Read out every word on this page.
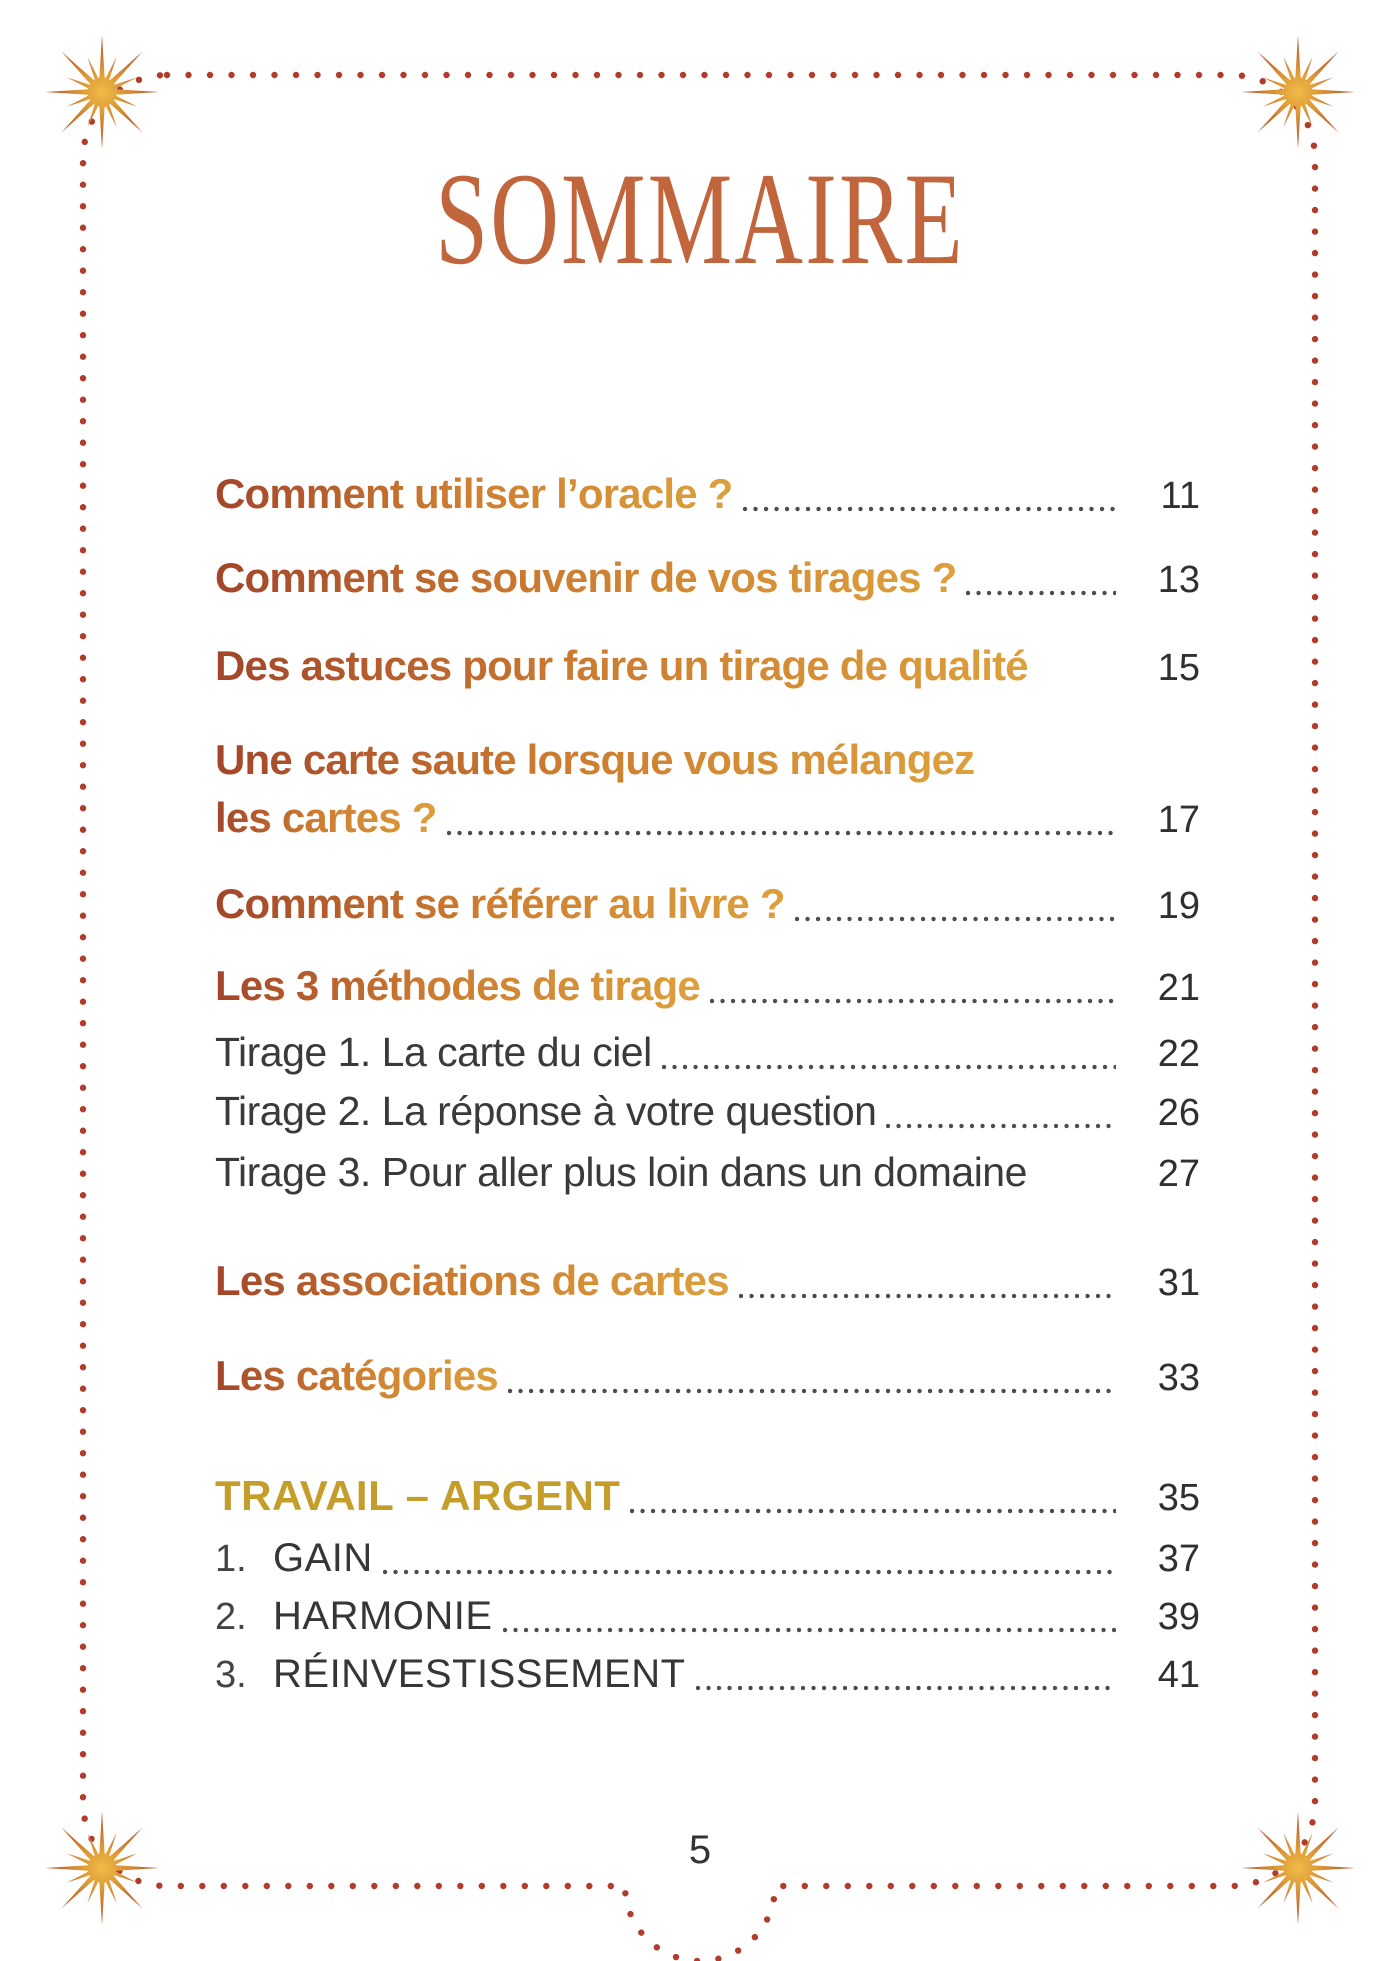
SOMMAIRE
Comment utiliser l’oracle ?	11
Comment se souvenir de vos tirages ?	13
Des astuces pour faire un tirage de qualité	15
Une carte saute lorsque vous mélangez
les cartes ?	17
Comment se référer au livre ?	19
Les 3 méthodes de tirage	21
Tirage 1. La carte du ciel	22
Tirage 2. La réponse à votre question	26
Tirage 3. Pour aller plus loin dans un domaine	27
Les associations de cartes	31
Les catégories	33
TRAVAIL – ARGENT	35
1. GAIN	37
2. HARMONIE	39
3. RÉINVESTISSEMENT	41
5
